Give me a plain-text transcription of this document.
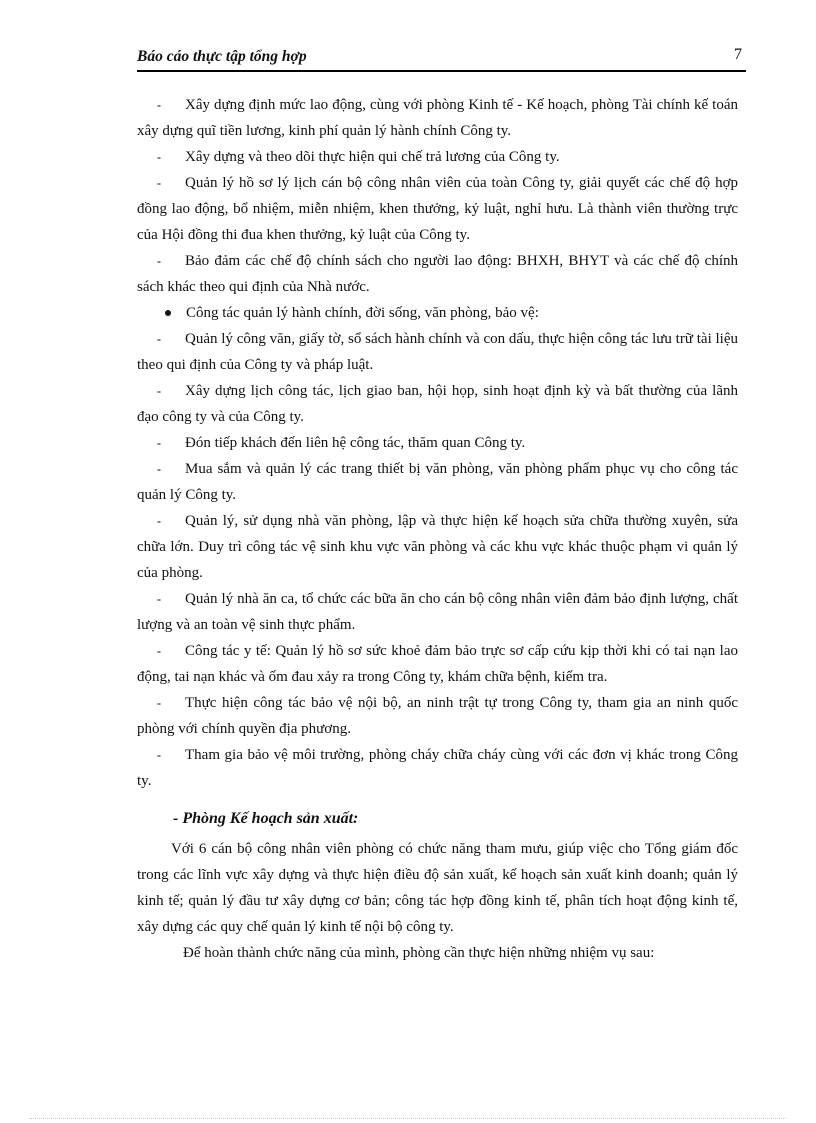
Báo cáo thực tập tổng hợp	7

- Xây dựng định mức lao động, cùng với phòng Kinh tế - Kế hoạch, phòng Tài chính kế toán xây dựng quĩ tiền lương, kinh phí quản lý hành chính Công ty.

- Xây dựng và theo dõi thực hiện qui chế trả lương của Công ty.

- Quản lý hồ sơ lý lịch cán bộ công nhân viên của toàn Công ty, giải quyết các chế độ hợp đồng lao động, bổ nhiệm, miễn nhiệm, khen thưởng, kỷ luật, nghỉ hưu. Là thành viên thường trực của Hội đồng thi đua khen thưởng, kỷ luật của Công ty.

- Bảo đảm các chế độ chính sách cho người lao động: BHXH, BHYT và các chế độ chính sách khác theo qui định của Nhà nước.

Công tác quản lý hành chính, đời sống, văn phòng, bảo vệ:

- Quản lý công văn, giấy tờ, sổ sách hành chính và con dấu, thực hiện công tác lưu trữ tài liệu theo qui định của Công ty và pháp luật.

- Xây dựng lịch công tác, lịch giao ban, hội họp, sinh hoạt định kỳ và bất thường của lãnh đạo công ty và của Công ty.

- Đón tiếp khách đến liên hệ công tác, thăm quan Công ty.

- Mua sắm và quản lý các trang thiết bị văn phòng, văn phòng phẩm phục vụ cho công tác quản lý Công ty.

- Quản lý, sử dụng nhà văn phòng, lập và thực hiện kế hoạch sửa chữa thường xuyên, sửa chữa lớn. Duy trì công tác vệ sinh khu vực văn phòng và các khu vực khác thuộc phạm vi quản lý của phòng.

- Quản lý nhà ăn ca, tổ chức các bữa ăn cho cán bộ công nhân viên đảm bảo định lượng, chất lượng và an toàn vệ sinh thực phẩm.

- Công tác y tế: Quản lý hồ sơ sức khoẻ đảm bảo trực sơ cấp cứu kịp thời khi có tai nạn lao động, tai nạn khác và ốm đau xảy ra trong Công ty, khám chữa bệnh, kiểm tra.

- Thực hiện công tác bảo vệ nội bộ, an ninh trật tự trong Công ty, tham gia an ninh quốc phòng với chính quyền địa phương.

- Tham gia bảo vệ môi trường, phòng cháy chữa cháy cùng với các đơn vị khác trong Công ty.

- Phòng Kế hoạch sản xuất:

Với 6 cán bộ công nhân viên phòng có chức năng tham mưu, giúp việc cho Tổng giám đốc trong các lĩnh vực xây dựng và thực hiện điều độ sản xuất, kế hoạch sản xuất kinh doanh; quản lý kinh tế; quản lý đầu tư xây dựng cơ bản; công tác hợp đồng kinh tế, phân tích hoạt động kinh tế, xây dựng các quy chế quản lý kinh tế nội bộ công ty.

Để hoàn thành chức năng của mình, phòng cần thực hiện những nhiệm vụ sau:
